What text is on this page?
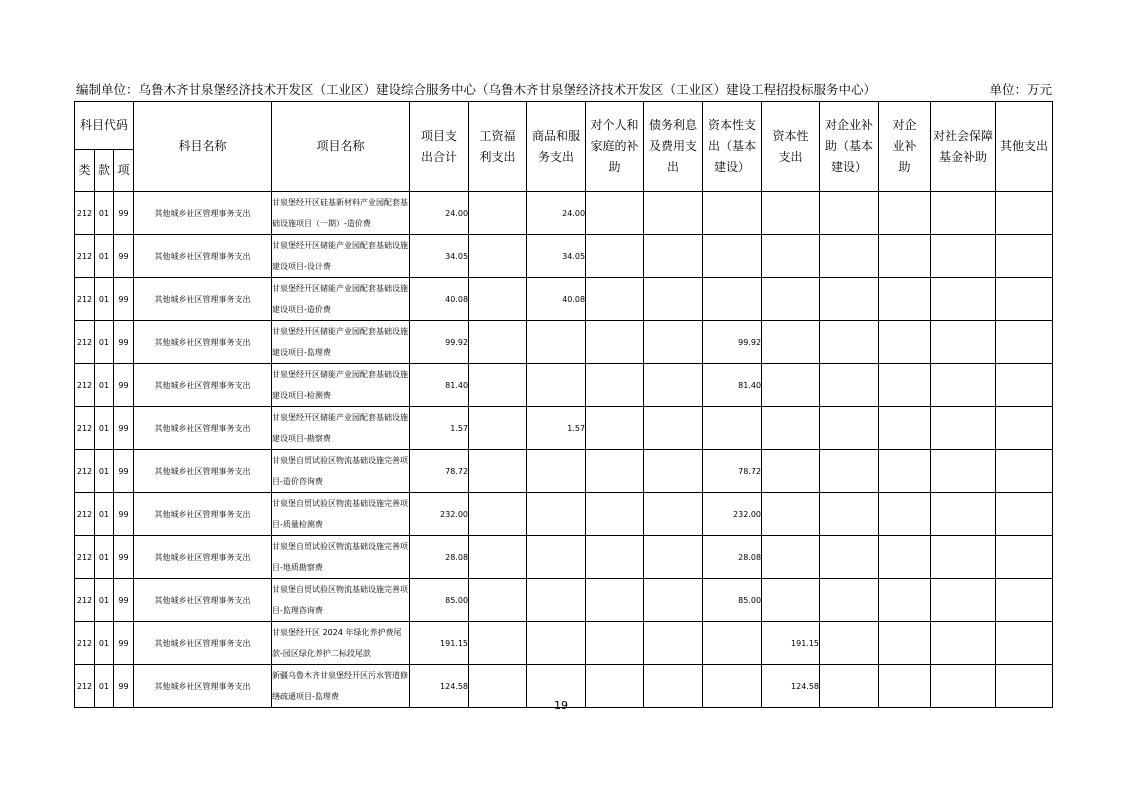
编制单位：乌鲁木齐甘泉堡经济技术开发区（工业区）建设综合服务中心（乌鲁木齐甘泉堡经济技术开发区（工业区）建设工程招投标服务中心）	单位：万元
科目代码			科目名称	项目名称	项目支出合计	工资福利支出	商品和服务支出	对个人和家庭的补助	债务利息及费用支出	资本性支出（基本建设）	资本性支出	对企业补助（基本建设）	对企业补助	对社会保障基金补助	其他支出
类	款	项													
212	01	99	其他城乡社区管理事务支出	甘泉堡经开区硅基新材料产业园配套基础设施项目（一期）-造价费	24.00		24.00								
212	01	99	其他城乡社区管理事务支出	甘泉堡经开区储能产业园配套基础设施建设项目-设计费	34.05		34.05								
212	01	99	其他城乡社区管理事务支出	甘泉堡经开区储能产业园配套基础设施建设项目-造价费	40.08		40.08								
212	01	99	其他城乡社区管理事务支出	甘泉堡经开区储能产业园配套基础设施建设项目-监理费	99.92					99.92					
212	01	99	其他城乡社区管理事务支出	甘泉堡经开区储能产业园配套基础设施建设项目-检测费	81.40					81.40					
212	01	99	其他城乡社区管理事务支出	甘泉堡经开区储能产业园配套基础设施建设项目-勘察费	1.57		1.57								
212	01	99	其他城乡社区管理事务支出	甘泉堡自贸试验区物流基础设施完善项目-造价咨询费	78.72					78.72					
212	01	99	其他城乡社区管理事务支出	甘泉堡自贸试验区物流基础设施完善项目-质量检测费	232.00					232.00					
212	01	99	其他城乡社区管理事务支出	甘泉堡自贸试验区物流基础设施完善项目-地质勘察费	28.08					28.08					
212	01	99	其他城乡社区管理事务支出	甘泉堡自贸试验区物流基础设施完善项目-监理咨询费	85.00					85.00					
212	01	99	其他城乡社区管理事务支出	甘泉堡经开区 2024 年绿化养护费尾款-园区绿化养护二标段尾款	191.15						191.15				
212	01	99	其他城乡社区管理事务支出	新疆乌鲁木齐甘泉堡经开区污水管道修缮疏通项目-监理费	124.58						124.58				
19
